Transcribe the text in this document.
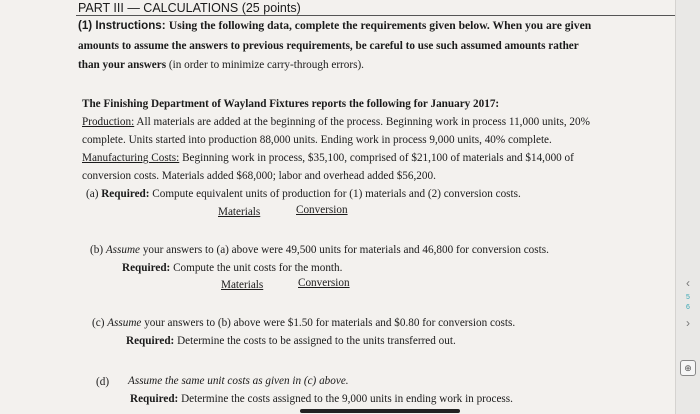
PART III — CALCULATIONS (25 points)
(1) Instructions: Using the following data, complete the requirements given below. When you are given
amounts to assume the answers to previous requirements, be careful to use such assumed amounts rather
than your answers (in order to minimize carry-through errors).
The Finishing Department of Wayland Fixtures reports the following for January 2017:
Production: All materials are added at the beginning of the process. Beginning work in process 11,000 units, 20%
complete. Units started into production 88,000 units. Ending work in process 9,000 units, 40% complete.
Manufacturing Costs: Beginning work in process, $35,100, comprised of $21,100 of materials and $14,000 of
conversion costs. Materials added $68,000; labor and overhead added $56,200.
(a) Required: Compute equivalent units of production for (1) materials and (2) conversion costs.
Materials	Conversion
(b) Assume your answers to (a) above were 49,500 units for materials and 46,800 for conversion costs.
Required: Compute the unit costs for the month.
Materials	Conversion
(c) Assume your answers to (b) above were $1.50 for materials and $0.80 for conversion costs.
Required: Determine the costs to be assigned to the units transferred out.
(d) Assume the same unit costs as given in (c) above.
Required: Determine the costs assigned to the 9,000 units in ending work in process.
‹
5
6
›
⊕
